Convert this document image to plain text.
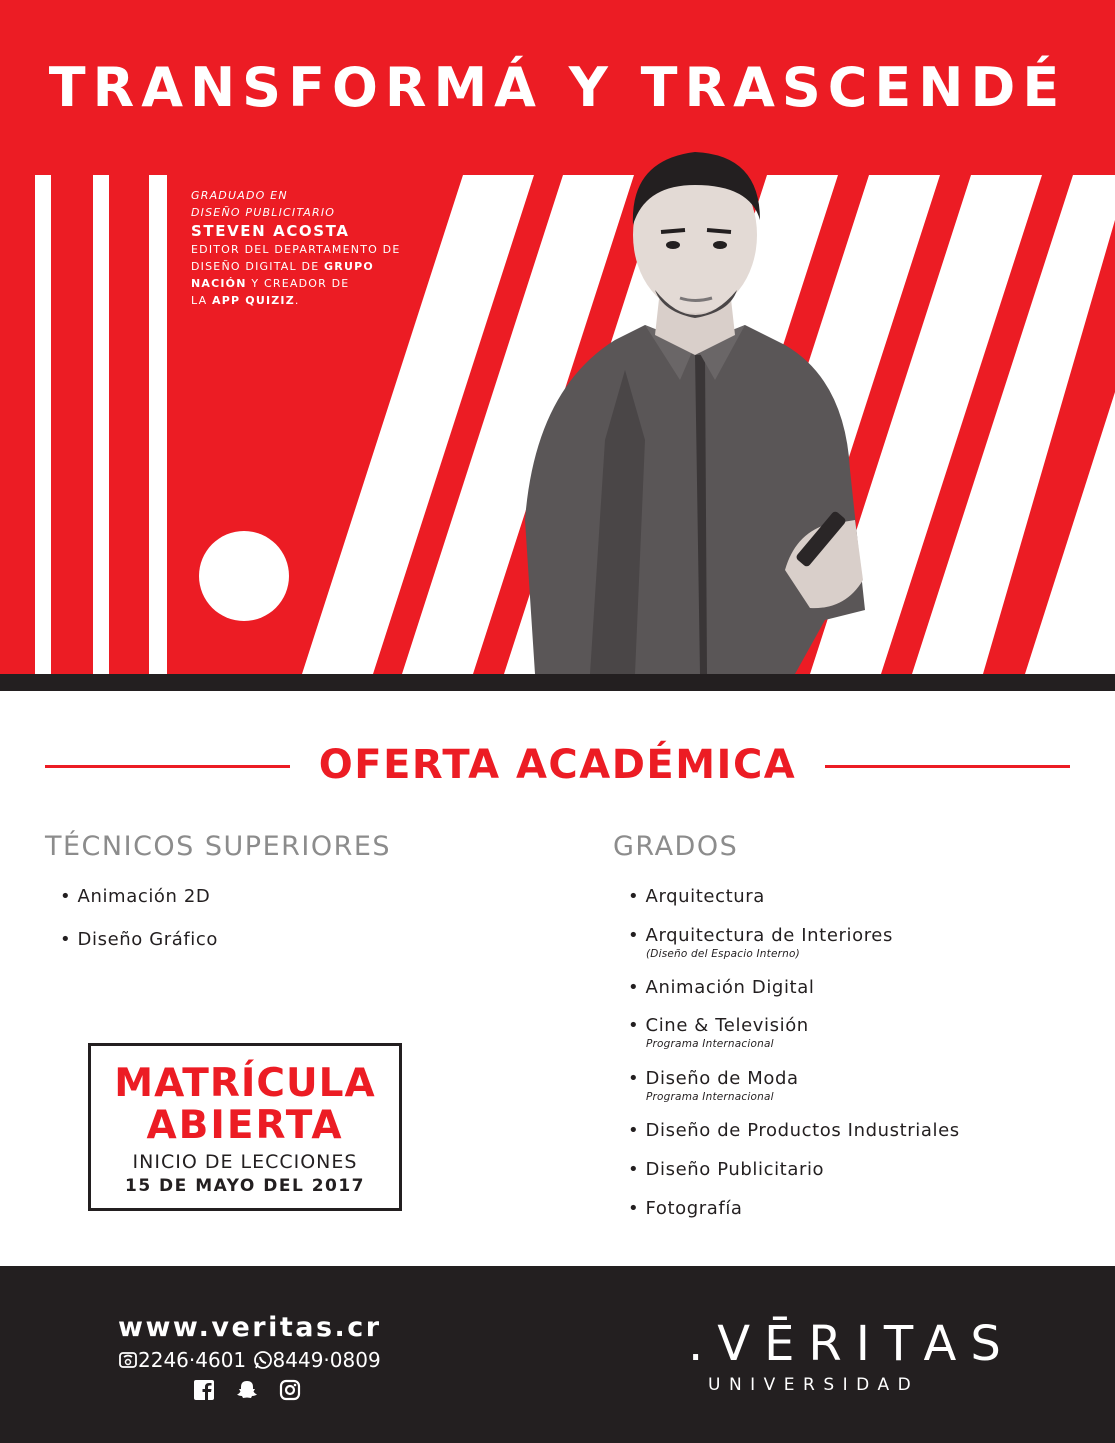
TRANSFORMÁ Y TRASCENDÉ
GRADUADO EN
DISEÑO PUBLICITARIO
STEVEN ACOSTA
EDITOR DEL DEPARTAMENTO DE
DISEÑO DIGITAL DE GRUPO
NACIÓN Y CREADOR DE
LA APP QUIZIZ.
OFERTA ACADÉMICA
TÉCNICOS SUPERIORES
• Animación 2D
• Diseño Gráfico
GRADOS
• Arquitectura
• Arquitectura de Interiores
(Diseño del Espacio Interno)
• Animación Digital
• Cine & Televisión
Programa Internacional
• Diseño de Moda
Programa Internacional
• Diseño de Productos Industriales
• Diseño Publicitario
• Fotografía
MATRÍCULA
ABIERTA
INICIO DE LECCIONES
15 DE MAYO DEL 2017
www.veritas.cr
2246·4601 8449·0809	.VĒRITAS
UNIVERSIDAD
